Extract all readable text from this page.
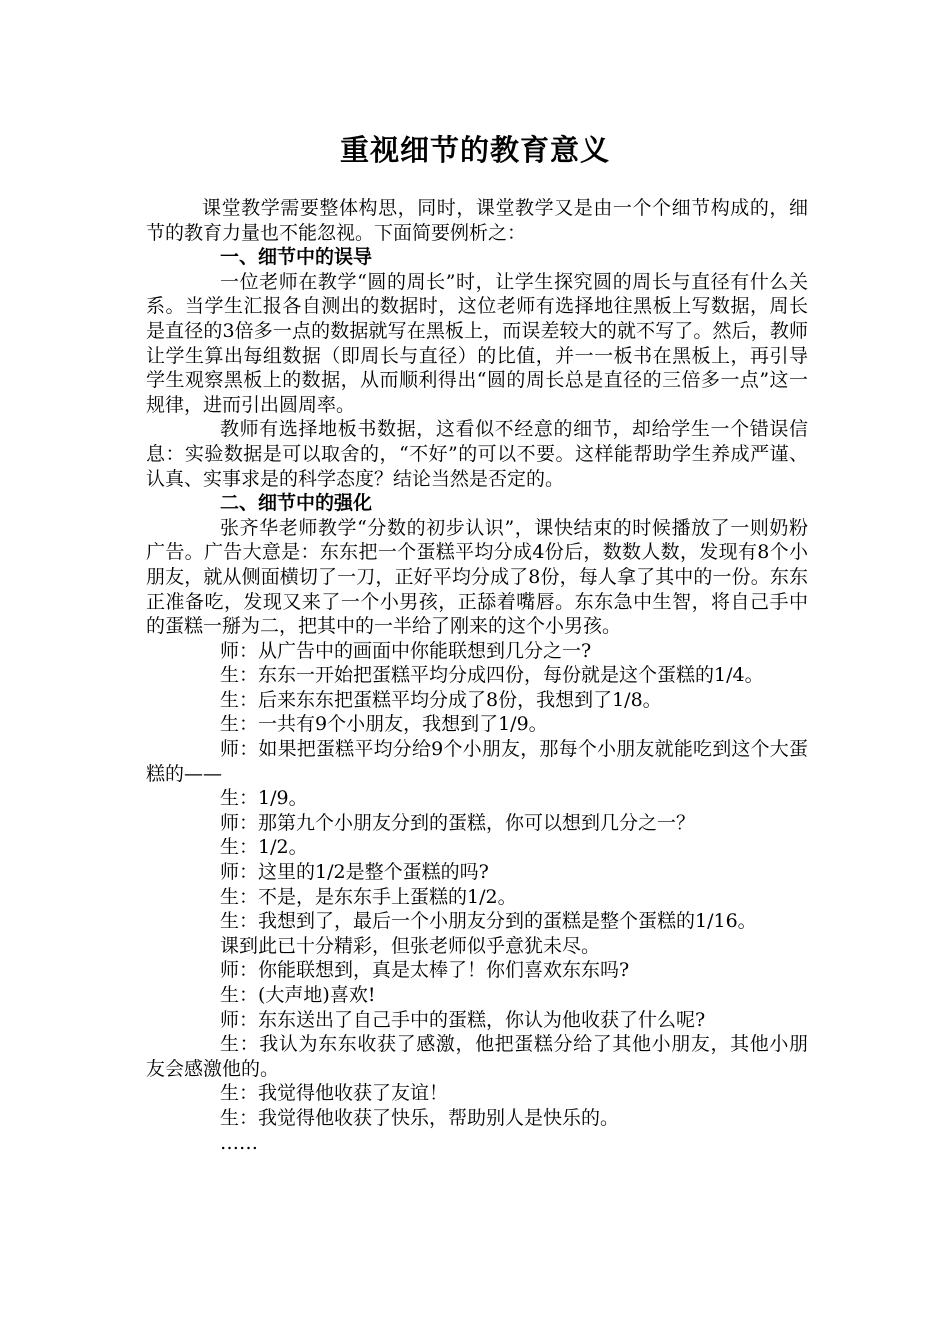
重视细节的教育意义

课堂教学需要整体构思，同时，课堂教学又是由一个个细节构成的，细节的教育力量也不能忽视。下面简要例析之：

一、细节中的误导

一位老师在教学“圆的周长”时，让学生探究圆的周长与直径有什么关系。当学生汇报各自测出的数据时，这位老师有选择地往黑板上写数据，周长是直径的3倍多一点的数据就写在黑板上，而误差较大的就不写了。然后，教师让学生算出每组数据（即周长与直径）的比值，并一一板书在黑板上，再引导学生观察黑板上的数据，从而顺利得出“圆的周长总是直径的三倍多一点”这一规律，进而引出圆周率。

教师有选择地板书数据，这看似不经意的细节，却给学生一个错误信息：实验数据是可以取舍的，“不好”的可以不要。这样能帮助学生养成严谨、认真、实事求是的科学态度？结论当然是否定的。

二、细节中的强化

张齐华老师教学“分数的初步认识”，课快结束的时候播放了一则奶粉广告。广告大意是：东东把一个蛋糕平均分成4份后，数数人数，发现有8个小朋友，就从侧面横切了一刀，正好平均分成了8份，每人拿了其中的一份。东东正准备吃，发现又来了一个小男孩，正舔着嘴唇。东东急中生智，将自己手中的蛋糕一掰为二，把其中的一半给了刚来的这个小男孩。

师：从广告中的画面中你能联想到几分之一?

生：东东一开始把蛋糕平均分成四份，每份就是这个蛋糕的1/4。

生：后来东东把蛋糕平均分成了8份，我想到了1/8。

生：一共有9个小朋友，我想到了1/9。

师：如果把蛋糕平均分给9个小朋友，那每个小朋友就能吃到这个大蛋糕的——

生：1/9。

师：那第九个小朋友分到的蛋糕，你可以想到几分之一？

生：1/2。

师：这里的1/2是整个蛋糕的吗?

生：不是，是东东手上蛋糕的1/2。

生：我想到了，最后一个小朋友分到的蛋糕是整个蛋糕的1/16。

课到此已十分精彩，但张老师似乎意犹未尽。

师：你能联想到，真是太棒了！你们喜欢东东吗?

生：(大声地)喜欢!

师：东东送出了自己手中的蛋糕，你认为他收获了什么呢?

生：我认为东东收获了感激，他把蛋糕分给了其他小朋友，其他小朋友会感激他的。

生：我觉得他收获了友谊！

生：我觉得他收获了快乐，帮助别人是快乐的。

……
